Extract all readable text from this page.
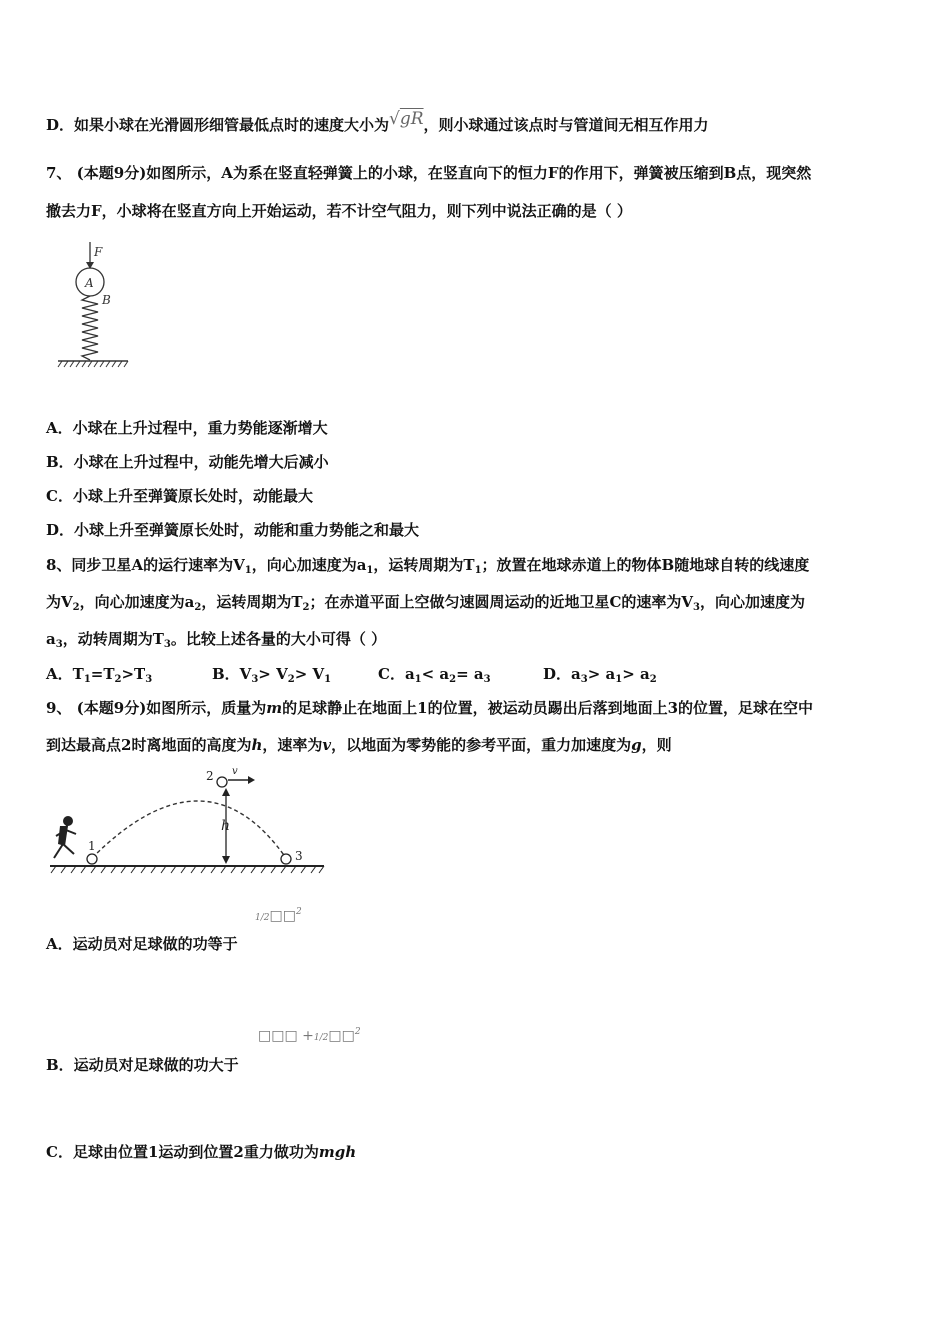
D．如果小球在光滑圆形细管最低点时的速度大小为√gR，则小球通过该点时与管道间无相互作用力
7、 (本题9分)如图所示，A为系在竖直轻弹簧上的小球，在竖直向下的恒力F的作用下，弹簧被压缩到B点，现突然
撤去力F，小球将在竖直方向上开始运动，若不计空气阻力，则下列中说法正确的是（ ）
F
A
B
A．小球在上升过程中，重力势能逐渐增大
B．小球在上升过程中，动能先增大后减小
C．小球上升至弹簧原长处时，动能最大
D．小球上升至弹簧原长处时，动能和重力势能之和最大
8、同步卫星A的运行速率为$V_1$，向心加速度为$a_1$，运转周期为$T_1$；放置在地球赤道上的物体B随地球自转的线速度
为$V_2$，向心加速度为$a_2$，运转周期为$T_2$；在赤道平面上空做匀速圆周运动的近地卫星C的速率为$V_3$，向心加速度为
$a_3$，动转周期为$T_3$。比较上述各量的大小可得（ ）
A．$T_1=T_2>T_3$	B．$V_3> V_2> V_1$	C．$a_1< a_2= a_3$	D．$a_3> a_1> a_2$
9、 (本题9分)如图所示，质量为m的足球静止在地面上1的位置，被运动员踢出后落到地面上3的位置，足球在空中
到达最高点2时离地面的高度为h，速率为v，以地面为零势能的参考平面，重力加速度为g，则
1
2
3
v
h
A．运动员对足球做的功等于
1/2□□$^2$
B．运动员对足球做的功大于
□□□ +1/2□□$^2$
C．足球由位置1运动到位置2重力做功为mgh
